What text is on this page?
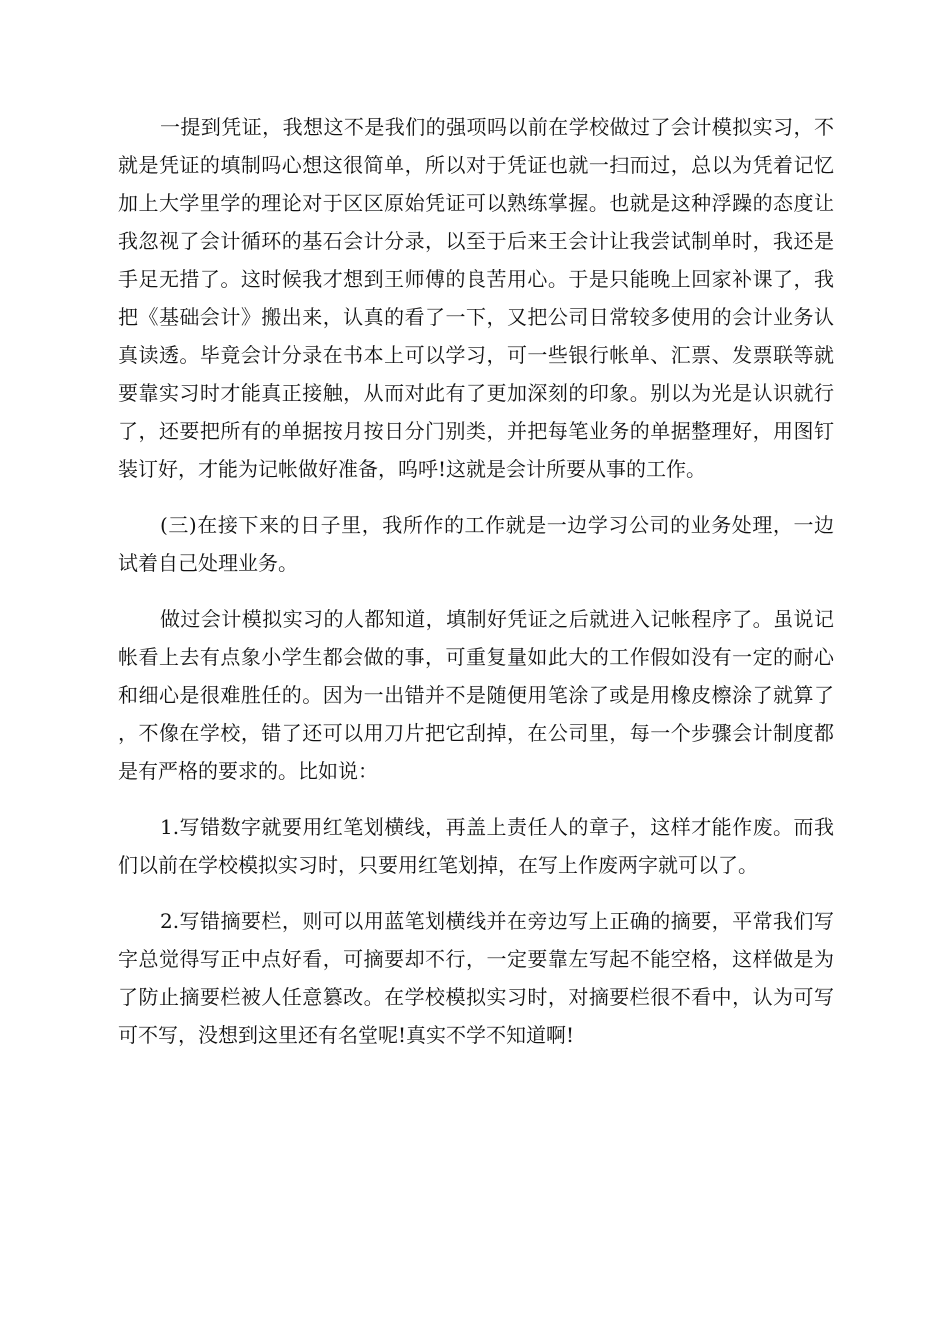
一提到凭证，我想这不是我们的强项吗以前在学校做过了会计模拟实习，不就是凭证的填制吗心想这很简单，所以对于凭证也就一扫而过，总以为凭着记忆加上大学里学的理论对于区区原始凭证可以熟练掌握。也就是这种浮躁的态度让我忽视了会计循环的基石会计分录，以至于后来王会计让我尝试制单时，我还是手足无措了。这时候我才想到王师傅的良苦用心。于是只能晚上回家补课了，我把《基础会计》搬出来，认真的看了一下，又把公司日常较多使用的会计业务认真读透。毕竟会计分录在书本上可以学习，可一些银行帐单、汇票、发票联等就要靠实习时才能真正接触，从而对此有了更加深刻的印象。别以为光是认识就行了，还要把所有的单据按月按日分门别类，并把每笔业务的单据整理好，用图钉装订好，才能为记帐做好准备，呜呼!这就是会计所要从事的工作。

(三)在接下来的日子里，我所作的工作就是一边学习公司的业务处理，一边试着自己处理业务。

做过会计模拟实习的人都知道，填制好凭证之后就进入记帐程序了。虽说记帐看上去有点象小学生都会做的事，可重复量如此大的工作假如没有一定的耐心和细心是很难胜任的。因为一出错并不是随便用笔涂了或是用橡皮檫涂了就算了，不像在学校，错了还可以用刀片把它刮掉，在公司里，每一个步骤会计制度都是有严格的要求的。比如说：

1.写错数字就要用红笔划横线，再盖上责任人的章子，这样才能作废。而我们以前在学校模拟实习时，只要用红笔划掉，在写上作废两字就可以了。

2.写错摘要栏，则可以用蓝笔划横线并在旁边写上正确的摘要，平常我们写字总觉得写正中点好看，可摘要却不行，一定要靠左写起不能空格，这样做是为了防止摘要栏被人任意篡改。在学校模拟实习时，对摘要栏很不看中，认为可写可不写，没想到这里还有名堂呢!真实不学不知道啊!
